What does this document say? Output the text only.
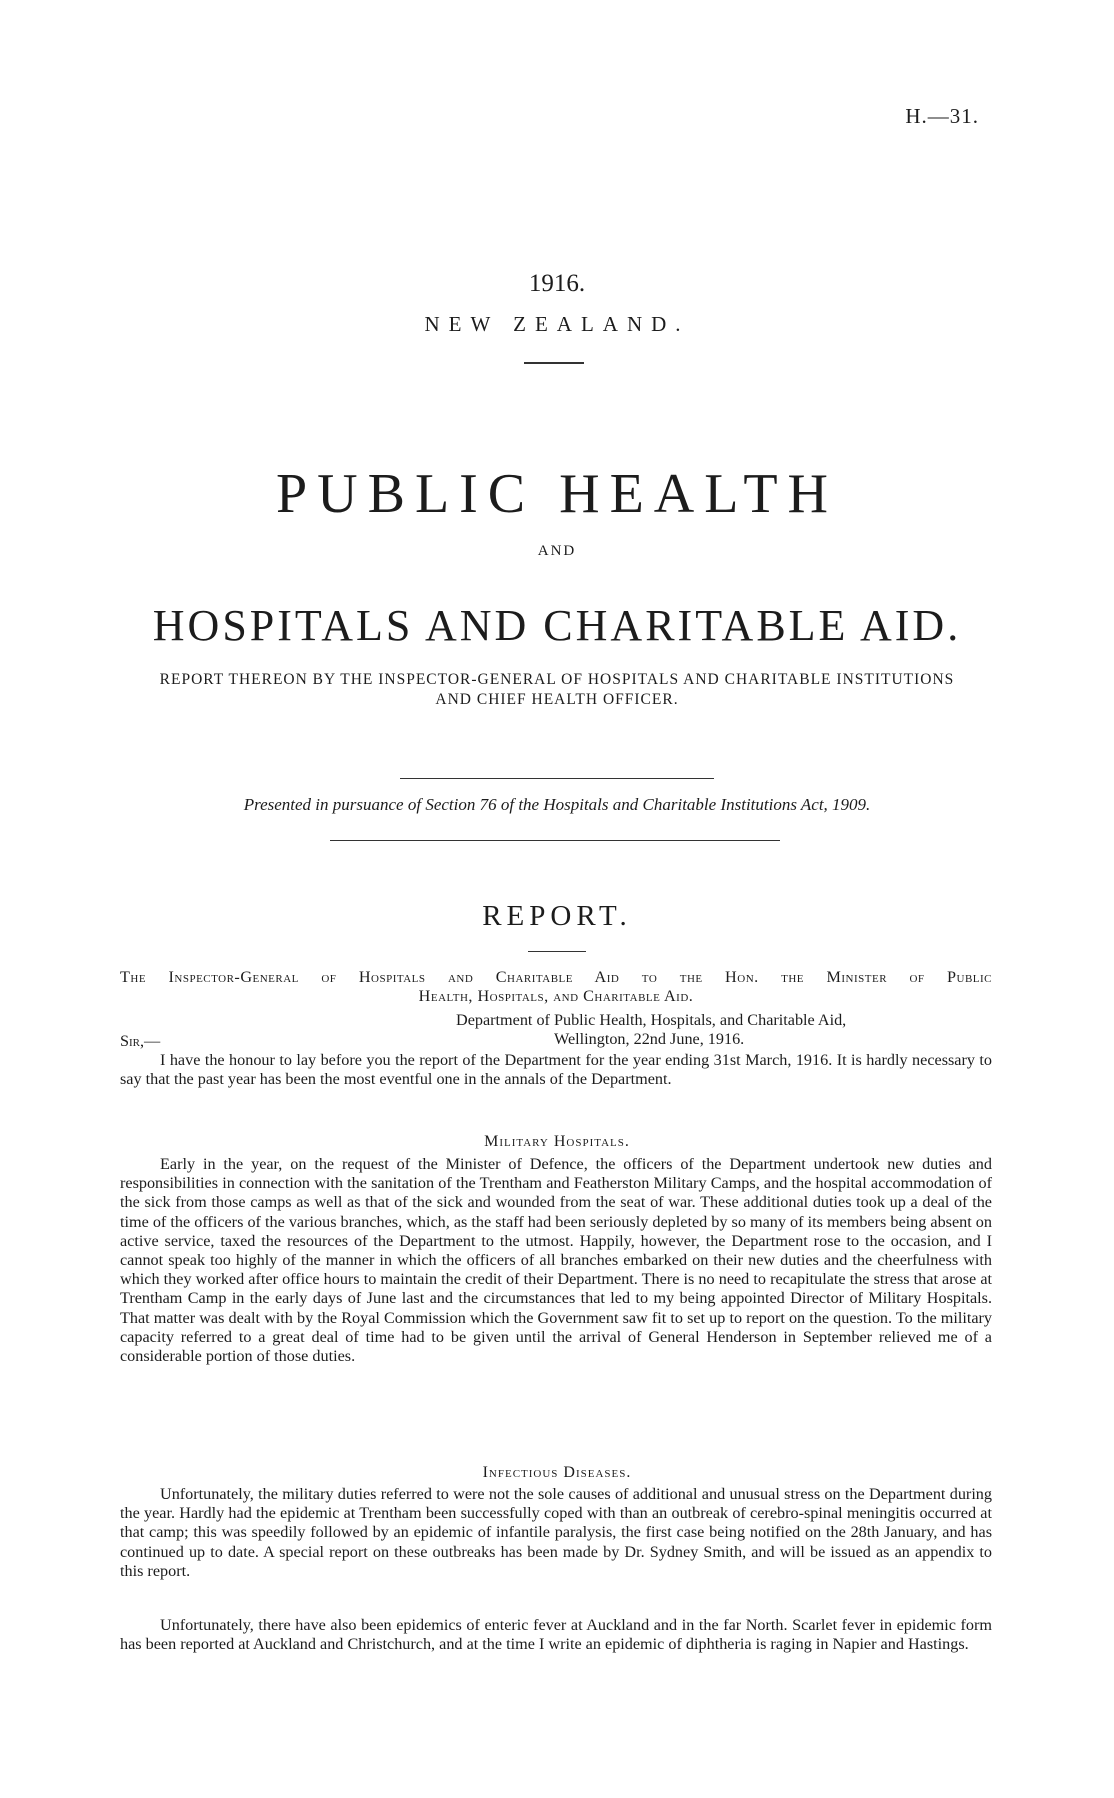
H.—31.
1916.
NEW ZEALAND.
PUBLIC HEALTH
AND
HOSPITALS AND CHARITABLE AID.
REPORT THEREON BY THE INSPECTOR-GENERAL OF HOSPITALS AND CHARITABLE INSTITUTIONS AND CHIEF HEALTH OFFICER.
Presented in pursuance of Section 76 of the Hospitals and Charitable Institutions Act, 1909.
REPORT.
The Inspector-General of Hospitals and Charitable Aid to the Hon. the Minister of Public
Health, Hospitals, and Charitable Aid.
Department of Public Health, Hospitals, and Charitable Aid,
Wellington, 22nd June, 1916.
Sir,—

I have the honour to lay before you the report of the Department for the year ending 31st March, 1916. It is hardly necessary to say that the past year has been the most eventful one in the annals of the Department.

Military Hospitals.

Early in the year, on the request of the Minister of Defence, the officers of the Department undertook new duties and responsibilities in connection with the sanitation of the Trentham and Featherston Military Camps, and the hospital accommodation of the sick from those camps as well as that of the sick and wounded from the seat of war. These additional duties took up a deal of the time of the officers of the various branches, which, as the staff had been seriously depleted by so many of its members being absent on active service, taxed the resources of the Department to the utmost. Happily, however, the Department rose to the occasion, and I cannot speak too highly of the manner in which the officers of all branches embarked on their new duties and the cheerfulness with which they worked after office hours to maintain the credit of their Department. There is no need to recapitulate the stress that arose at Trentham Camp in the early days of June last and the circumstances that led to my being appointed Director of Military Hospitals. That matter was dealt with by the Royal Commission which the Government saw fit to set up to report on the question. To the military capacity referred to a great deal of time had to be given until the arrival of General Henderson in September relieved me of a considerable portion of those duties.

Infectious Diseases.

Unfortunately, the military duties referred to were not the sole causes of additional and unusual stress on the Department during the year. Hardly had the epidemic at Trentham been successfully coped with than an outbreak of cerebro-spinal meningitis occurred at that camp; this was speedily followed by an epidemic of infantile paralysis, the first case being notified on the 28th January, and has continued up to date. A special report on these outbreaks has been made by Dr. Sydney Smith, and will be issued as an appendix to this report.

Unfortunately, there have also been epidemics of enteric fever at Auckland and in the far North. Scarlet fever in epidemic form has been reported at Auckland and Christchurch, and at the time I write an epidemic of diphtheria is raging in Napier and Hastings.
